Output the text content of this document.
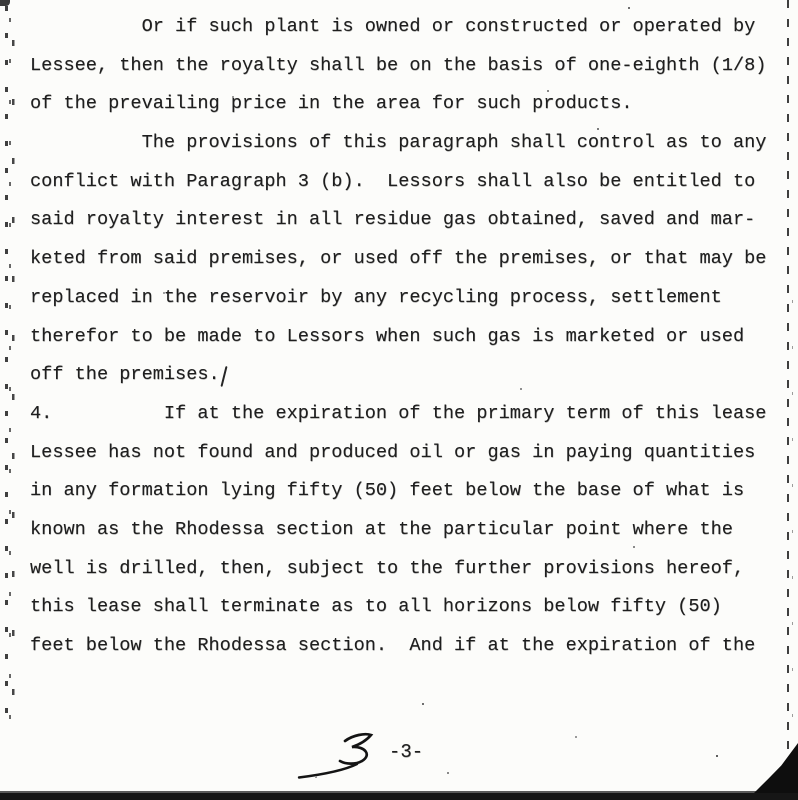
Or if such plant is owned or constructed or operated by
Lessee, then the royalty shall be on the basis of one-eighth (1/8)
of the prevailing price in the area for such products.
The provisions of this paragraph shall control as to any
conflict with Paragraph 3 (b).  Lessors shall also be entitled to
said royalty interest in all residue gas obtained, saved and mar-
keted from said premises, or used off the premises, or that may be
replaced in the reservoir by any recycling process, settlement
therefor to be made to Lessors when such gas is marketed or used
off the premises.
4.          If at the expiration of the primary term of this lease
Lessee has not found and produced oil or gas in paying quantities
in any formation lying fifty (50) feet below the base of what is
known as the Rhodessa section at the particular point where the
well is drilled, then, subject to the further provisions hereof,
this lease shall terminate as to all horizons below fifty (50)
feet below the Rhodessa section.  And if at the expiration of the
-3-
